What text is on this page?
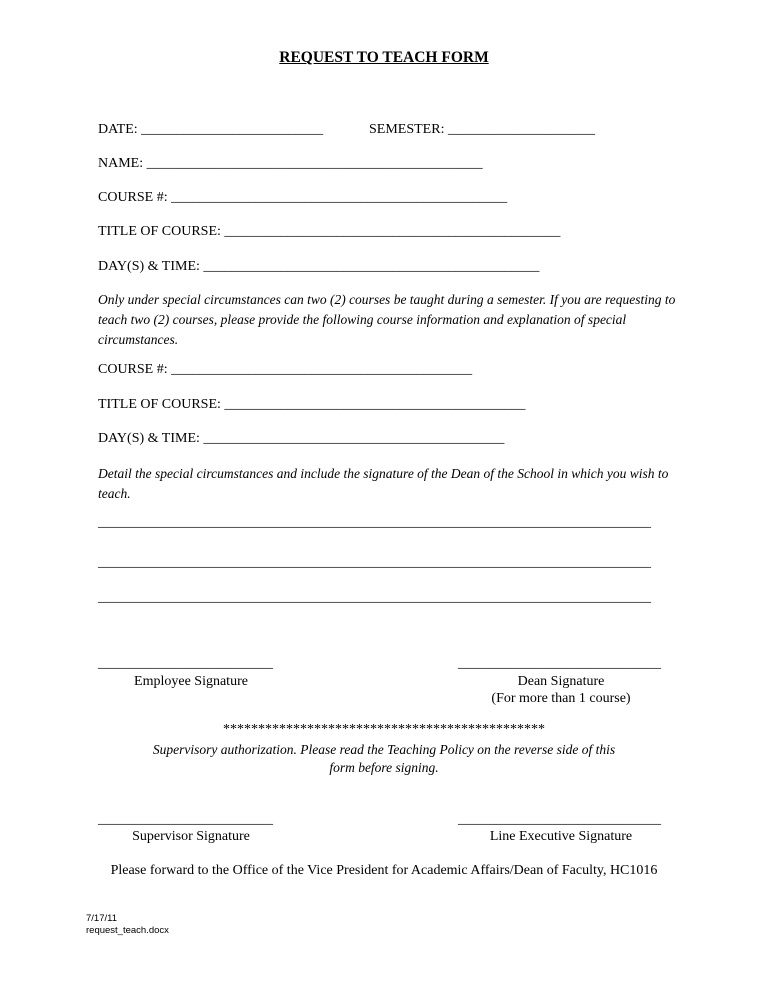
REQUEST TO TEACH FORM
DATE: __________________________	SEMESTER: _____________________
NAME: ________________________________________________
COURSE #: ________________________________________________
TITLE OF COURSE: ________________________________________________
DAY(S) & TIME: ________________________________________________
Only under special circumstances can two (2) courses be taught during a semester. If you are requesting to teach two (2) courses, please provide the following course information and explanation of special circumstances.
COURSE #: ___________________________________________
TITLE OF COURSE: ___________________________________________
DAY(S) & TIME: ___________________________________________
Detail the special circumstances and include the signature of the Dean of the School in which you wish to teach.
_______________________________________________________________________________
_______________________________________________________________________________
_______________________________________________________________________________
_________________________
Employee Signature
_____________________________
Dean Signature
(For more than 1 course)
**********************************************
Supervisory authorization. Please read the Teaching Policy on the reverse side of this
form before signing.
_________________________
Supervisor Signature
_____________________________
Line Executive Signature
Please forward to the Office of the Vice President for Academic Affairs/Dean of Faculty, HC1016
7/17/11
request_teach.docx
